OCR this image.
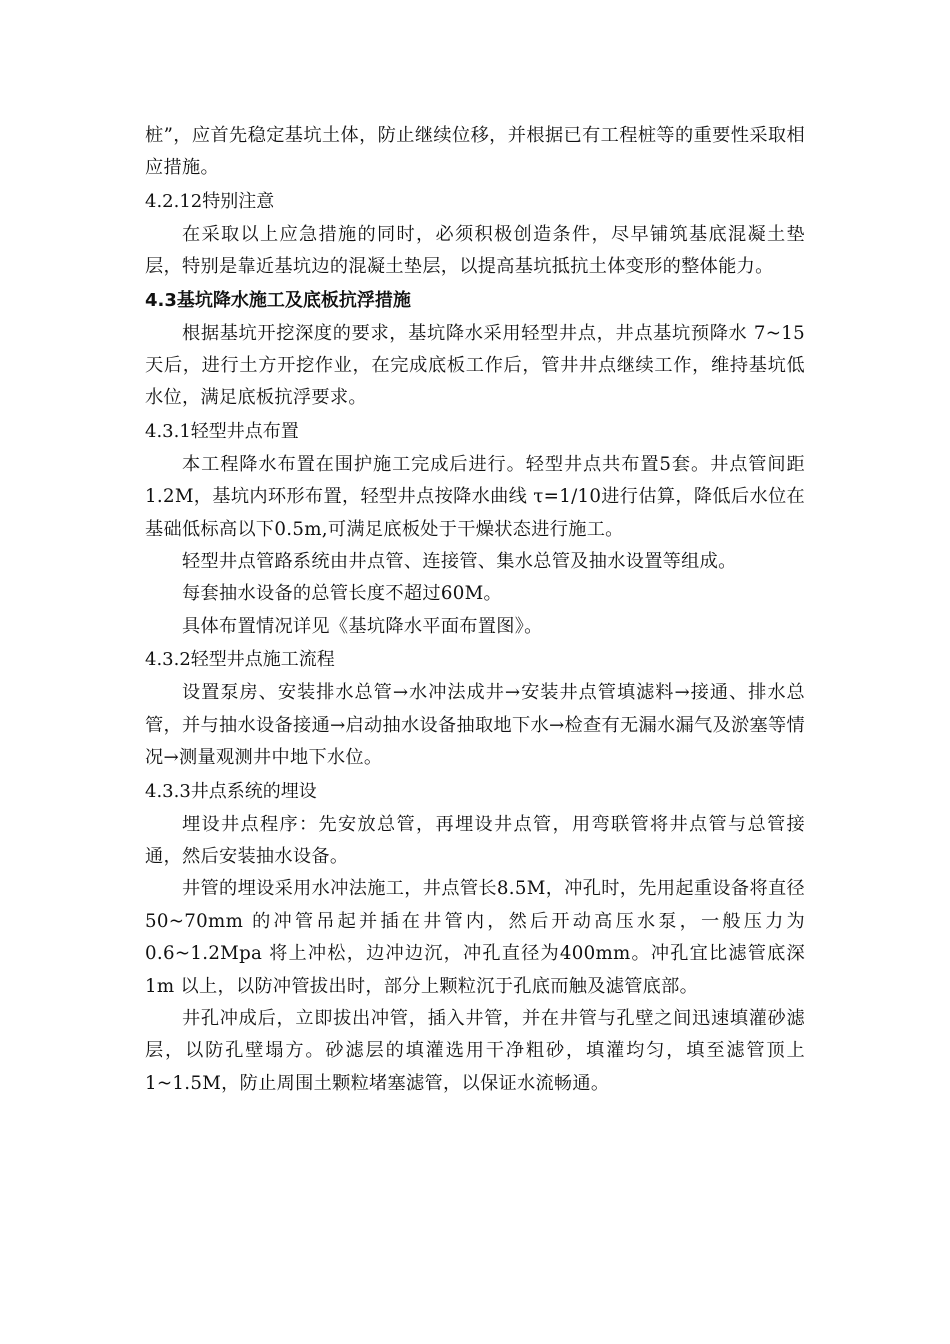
桩”，应首先稳定基坑土体，防止继续位移，并根据已有工程桩等的重要性采取相应措施。

4.2.12特别注意

在采取以上应急措施的同时，必须积极创造条件，尽早铺筑基底混凝土垫层，特别是靠近基坑边的混凝土垫层，以提高基坑抵抗土体变形的整体能力。

4.3基坑降水施工及底板抗浮措施

根据基坑开挖深度的要求，基坑降水采用轻型井点，井点基坑预降水 7~15 天后，进行土方开挖作业，在完成底板工作后，管井井点继续工作，维持基坑低水位，满足底板抗浮要求。

4.3.1轻型井点布置

本工程降水布置在围护施工完成后进行。轻型井点共布置5套。井点管间距1.2M，基坑内环形布置，轻型井点按降水曲线 τ=1/10进行估算，降低后水位在基础低标高以下0.5m,可满足底板处于干燥状态进行施工。

轻型井点管路系统由井点管、连接管、集水总管及抽水设置等组成。

每套抽水设备的总管长度不超过60M。

具体布置情况详见《基坑降水平面布置图》。

4.3.2轻型井点施工流程

设置泵房、安装排水总管→水冲法成井→安装井点管填滤料→接通、排水总管，并与抽水设备接通→启动抽水设备抽取地下水→检查有无漏水漏气及淤塞等情况→测量观测井中地下水位。

4.3.3井点系统的埋设

埋设井点程序：先安放总管，再埋设井点管，用弯联管将井点管与总管接通，然后安装抽水设备。

井管的埋设采用水冲法施工，井点管长8.5M，冲孔时，先用起重设备将直径 50~70mm 的冲管吊起并插在井管内，然后开动高压水泵，一般压力为0.6~1.2Mpa 将上冲松，边冲边沉，冲孔直径为400mm。冲孔宜比滤管底深 1m 以上，以防冲管拔出时，部分上颗粒沉于孔底而触及滤管底部。

井孔冲成后，立即拔出冲管，插入井管，并在井管与孔壁之间迅速填灌砂滤层，以防孔壁塌方。砂滤层的填灌选用干净粗砂，填灌均匀，填至滤管顶上1~1.5M，防止周围土颗粒堵塞滤管，以保证水流畅通。
